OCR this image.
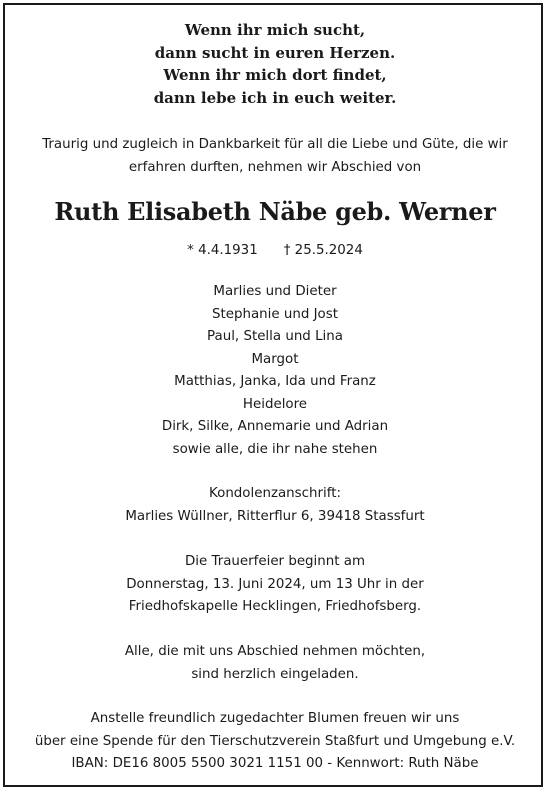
Wenn ihr mich sucht,
dann sucht in euren Herzen.
Wenn ihr mich dort findet,
dann lebe ich in euch weiter.
Traurig und zugleich in Dankbarkeit für all die Liebe und Güte, die wir
erfahren durften, nehmen wir Abschied von
Ruth Elisabeth Näbe geb. Werner
* 4.4.1931 † 25.5.2024
Marlies und Dieter
Stephanie und Jost
Paul, Stella und Lina
Margot
Matthias, Janka, Ida und Franz
Heidelore
Dirk, Silke, Annemarie und Adrian
sowie alle, die ihr nahe stehen
Kondolenzanschrift:
Marlies Wüllner, Ritterflur 6, 39418 Stassfurt
Die Trauerfeier beginnt am
Donnerstag, 13. Juni 2024, um 13 Uhr in der
Friedhofskapelle Hecklingen, Friedhofsberg.
Alle, die mit uns Abschied nehmen möchten,
sind herzlich eingeladen.
Anstelle freundlich zugedachter Blumen freuen wir uns
über eine Spende für den Tierschutzverein Staßfurt und Umgebung e.V.
IBAN: DE16 8005 5500 3021 1151 00 - Kennwort: Ruth Näbe
